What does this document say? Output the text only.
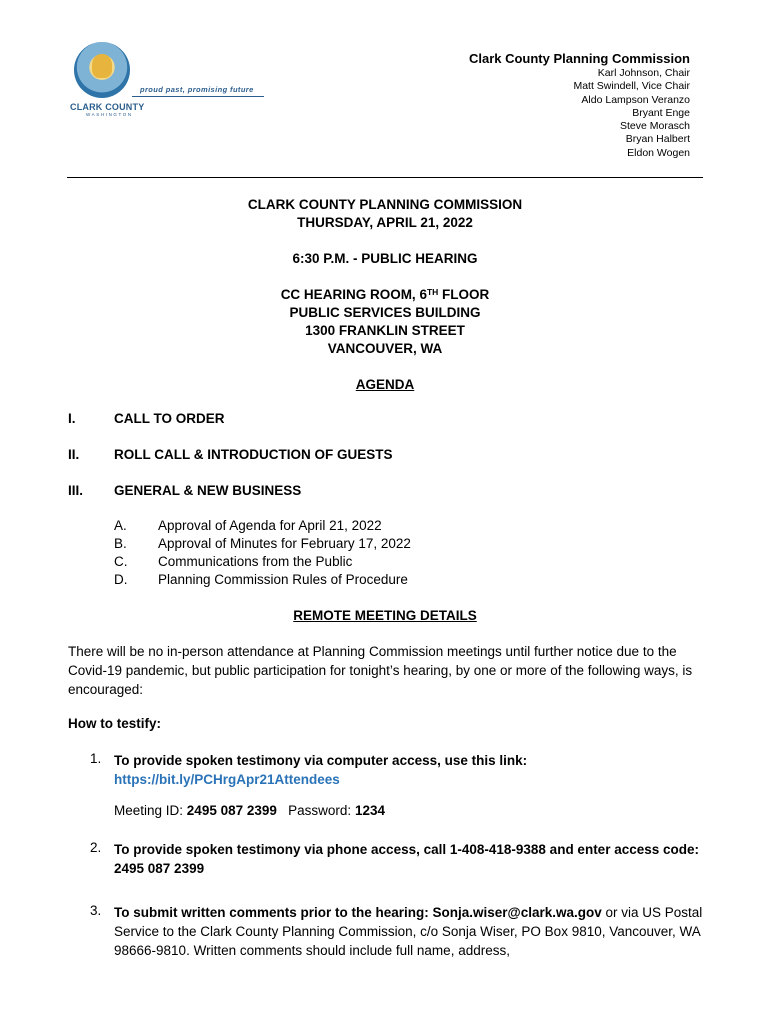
proud past, promising future
CLARK COUNTY
WASHINGTON
Clark County Planning Commission
Karl Johnson, Chair
Matt Swindell, Vice Chair
Aldo Lampson Veranzo
Bryant Enge
Steve Morasch
Bryan Halbert
Eldon Wogen
CLARK COUNTY PLANNING COMMISSION
THURSDAY, APRIL 21, 2022
6:30 P.M. - PUBLIC HEARING
CC HEARING ROOM, 6TH FLOOR
PUBLIC SERVICES BUILDING
1300 FRANKLIN STREET
VANCOUVER, WA
AGENDA
I.	CALL TO ORDER
II.	ROLL CALL & INTRODUCTION OF GUESTS
III. GENERAL & NEW BUSINESS
A. Approval of Agenda for April 21, 2022
B. Approval of Minutes for February 17, 2022
C. Communications from the Public
D. Planning Commission Rules of Procedure
REMOTE MEETING DETAILS
There will be no in-person attendance at Planning Commission meetings until further notice due to the Covid-19 pandemic, but public participation for tonight’s hearing, by one or more of the following ways, is encouraged:
How to testify:
1. To provide spoken testimony via computer access, use this link:
https://bit.ly/PCHrgApr21Attendees
Meeting ID: 2495 087 2399 Password: 1234
2. To provide spoken testimony via phone access, call 1-408-418-9388 and enter access code: 2495 087 2399
3. To submit written comments prior to the hearing: Sonja.wiser@clark.wa.gov or via US Postal Service to the Clark County Planning Commission, c/o Sonja Wiser, PO Box 9810, Vancouver, WA 98666-9810. Written comments should include full name, address,
